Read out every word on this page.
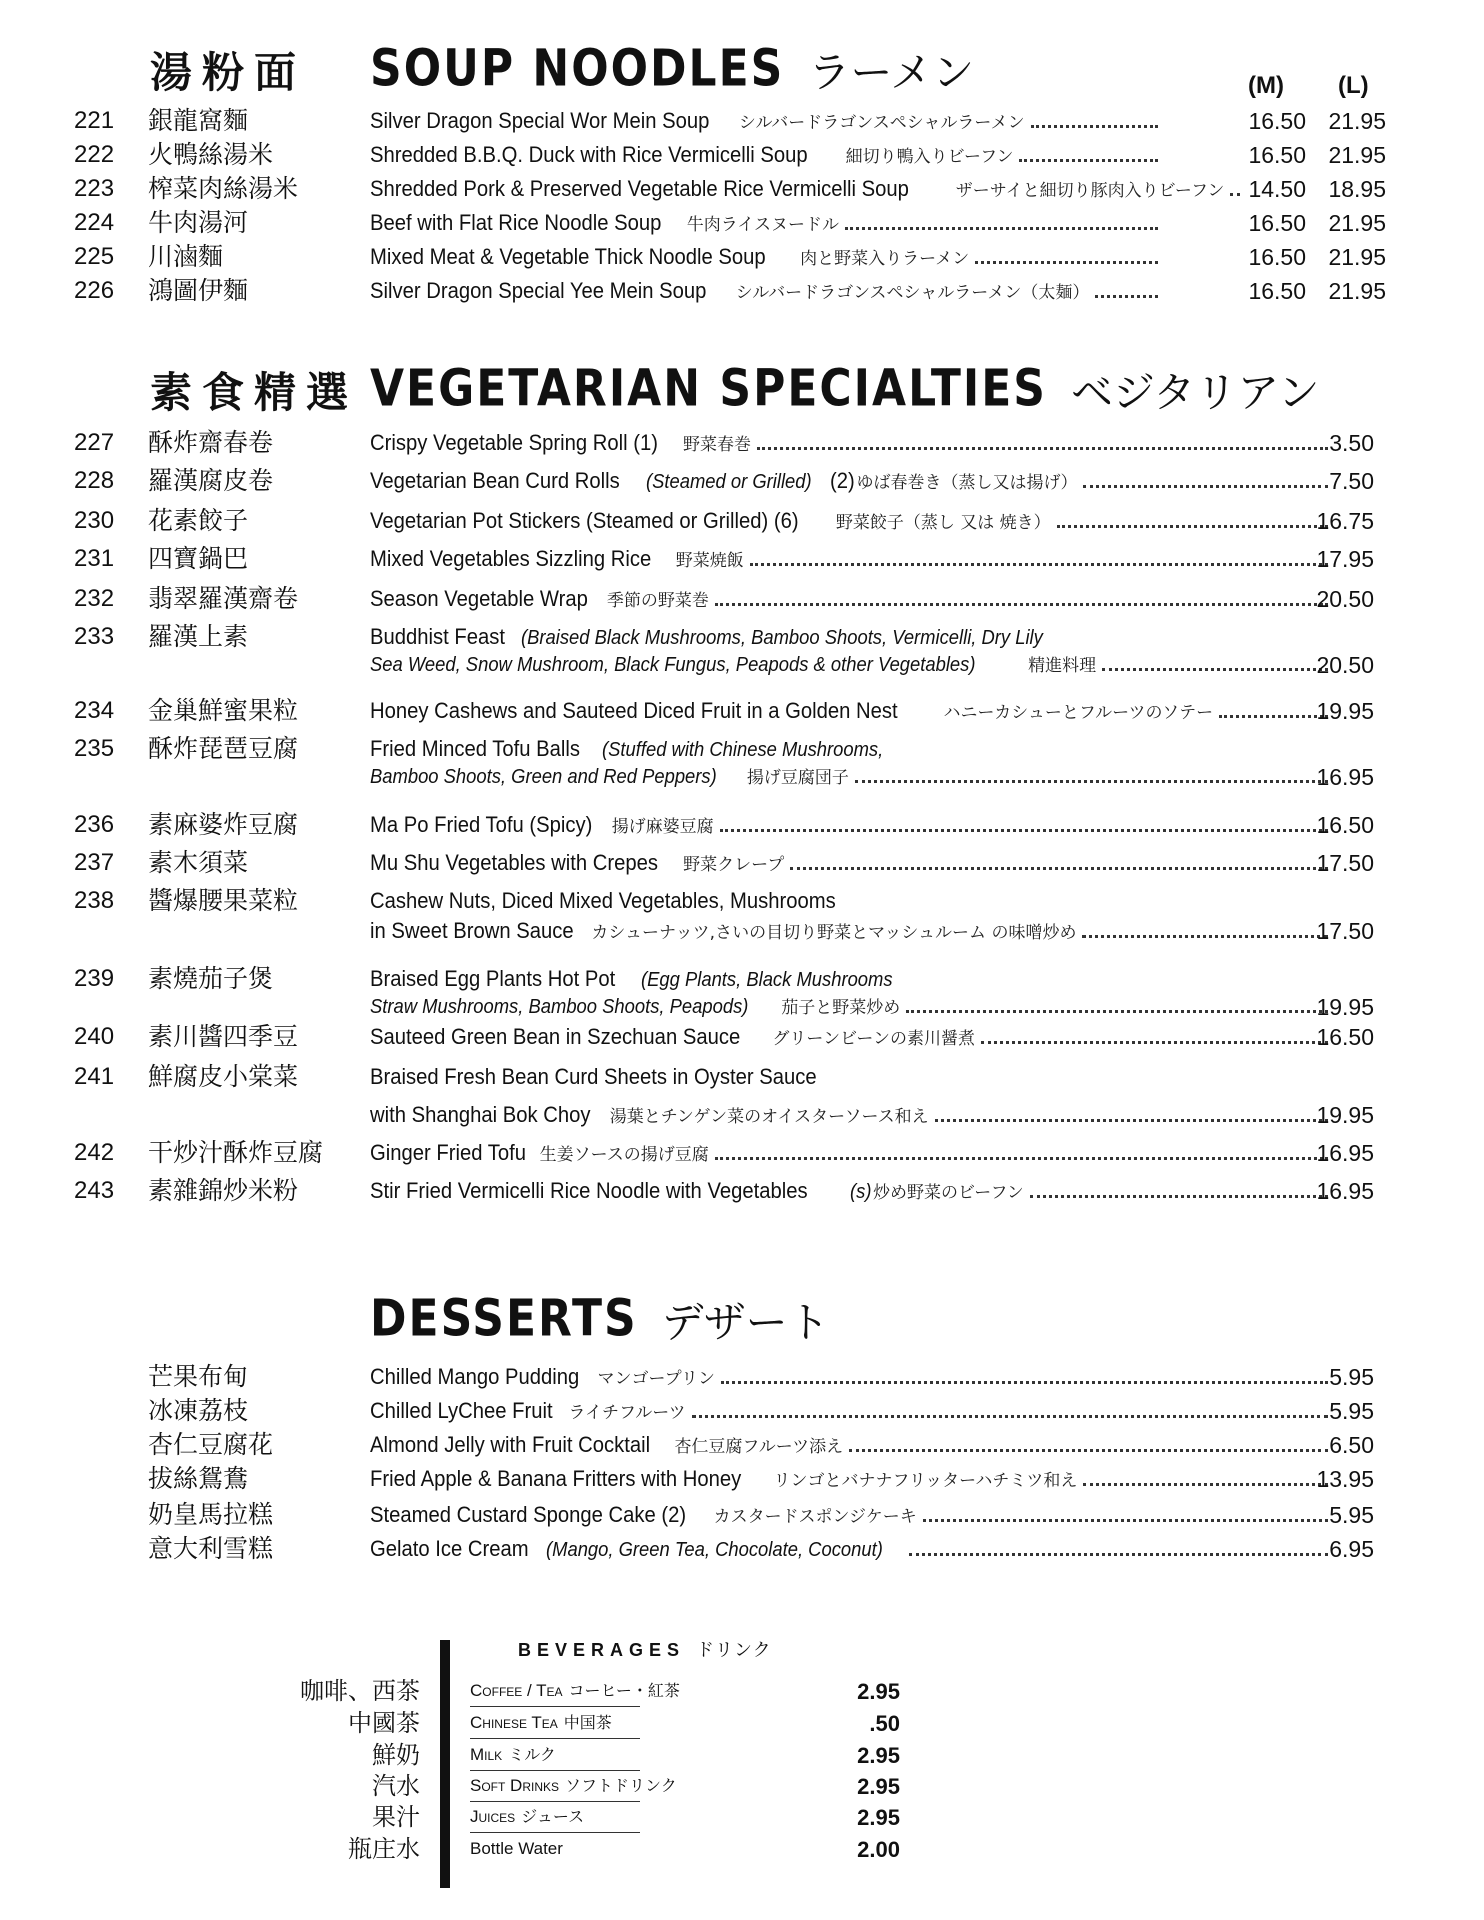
湯粉面	SOUP NOODLES ラーメン	(M) (L)
221	銀龍窩麵	Silver Dragon Special Wor Mein Soup シルバードラゴンスペシャルラーメン	16.50 21.95
222	火鴨絲湯米	Shredded B.B.Q. Duck with Rice Vermicelli Soup 細切り鴨入りビーフン	16.50 21.95
223	榨菜肉絲湯米	Shredded Pork & Preserved Vegetable Rice Vermicelli Soup	ザーサイと細切り豚肉入りビーフン	14.50 18.95
224	牛肉湯河	Beef with Flat Rice Noodle Soup 牛肉ライスヌードル	16.50 21.95
225	川滷麵	Mixed Meat & Vegetable Thick Noodle Soup 肉と野菜入りラーメン	16.50 21.95
226	鴻圖伊麵	Silver Dragon Special Yee Mein Soup シルバードラゴンスペシャルラーメン（太麺）	16.50 21.95
素食精選 VEGETARIAN SPECIALTIES ベジタリアン
227	酥炸齋春卷	Crispy Vegetable Spring Roll (1) 野菜春巻	3.50
228	羅漢腐皮卷	Vegetarian Bean Curd Rolls (Steamed or Grilled) (2) ゆば春巻き（蒸し又は揚げ）	7.50
230	花素餃子	Vegetarian Pot Stickers (Steamed or Grilled) (6) 野菜餃子（蒸し 又は 焼き）	16.75
231	四寶鍋巴	Mixed Vegetables Sizzling Rice 野菜焼飯	17.95
232	翡翠羅漢齋卷	Season Vegetable Wrap 季節の野菜巻	20.50
233	羅漢上素	Buddhist Feast (Braised Black Mushrooms, Bamboo Shoots, Vermicelli, Dry Lily
Sea Weed, Snow Mushroom, Black Fungus, Peapods & other Vegetables)	精進料理	20.50
234	金巢鮮蜜果粒	Honey Cashews and Sauteed Diced Fruit in a Golden Nest	ハニーカシューとフルーツのソテー	19.95
235	酥炸琵琶豆腐	Fried Minced Tofu Balls (Stuffed with Chinese Mushrooms,
Bamboo Shoots, Green and Red Peppers) 揚げ豆腐団子	16.95
236	素麻婆炸豆腐	Ma Po Fried Tofu (Spicy) 揚げ麻婆豆腐	16.50
237	素木須菜	Mu Shu Vegetables with Crepes 野菜クレープ	17.50
238	醬爆腰果菜粒	Cashew Nuts, Diced Mixed Vegetables, Mushrooms
in Sweet Brown Sauce カシューナッツ,さいの目切り野菜とマッシュルーム の味噌炒め	17.50
239	素燒茄子煲	Braised Egg Plants Hot Pot (Egg Plants, Black Mushrooms
Straw Mushrooms, Bamboo Shoots, Peapods) 茄子と野菜炒め	19.95
240	素川醬四季豆	Sauteed Green Bean in Szechuan Sauce グリーンビーンの素川醤煮	16.50
241	鮮腐皮小棠菜	Braised Fresh Bean Curd Sheets in Oyster Sauce
with Shanghai Bok Choy 湯葉とチンゲン菜のオイスターソース和え	19.95
242	干炒汁酥炸豆腐	Ginger Fried Tofu 生姜ソースの揚げ豆腐	16.95
243	素雜錦炒米粉	Stir Fried Vermicelli Rice Noodle with Vegetables (s) 炒め野菜のビーフン	16.95
DESSERTS デザート
芒果布甸	Chilled Mango Pudding マンゴープリン	5.95
冰凍荔枝	Chilled LyChee Fruit ライチフルーツ	5.95
杏仁豆腐花	Almond Jelly with Fruit Cocktail 杏仁豆腐フルーツ添え	6.50
拔絲鴛鴦	Fried Apple & Banana Fritters with Honey リンゴとバナナフリッターハチミツ和え	13.95
奶皇馬拉糕	Steamed Custard Sponge Cake (2) カスタードスポンジケーキ	5.95
意大利雪糕	Gelato Ice Cream (Mango, Green Tea, Chocolate, Coconut)	6.95
BEVERAGES ドリンク
咖啡、西茶	Coffee / Tea コーヒー・紅茶	2.95
中國茶	Chinese Tea 中国茶	.50
鮮奶	Milk ミルク	2.95
汽水	Soft Drinks ソフトドリンク	2.95
果汁	Juices ジュース	2.95
瓶庄水	Bottle Water	2.00
